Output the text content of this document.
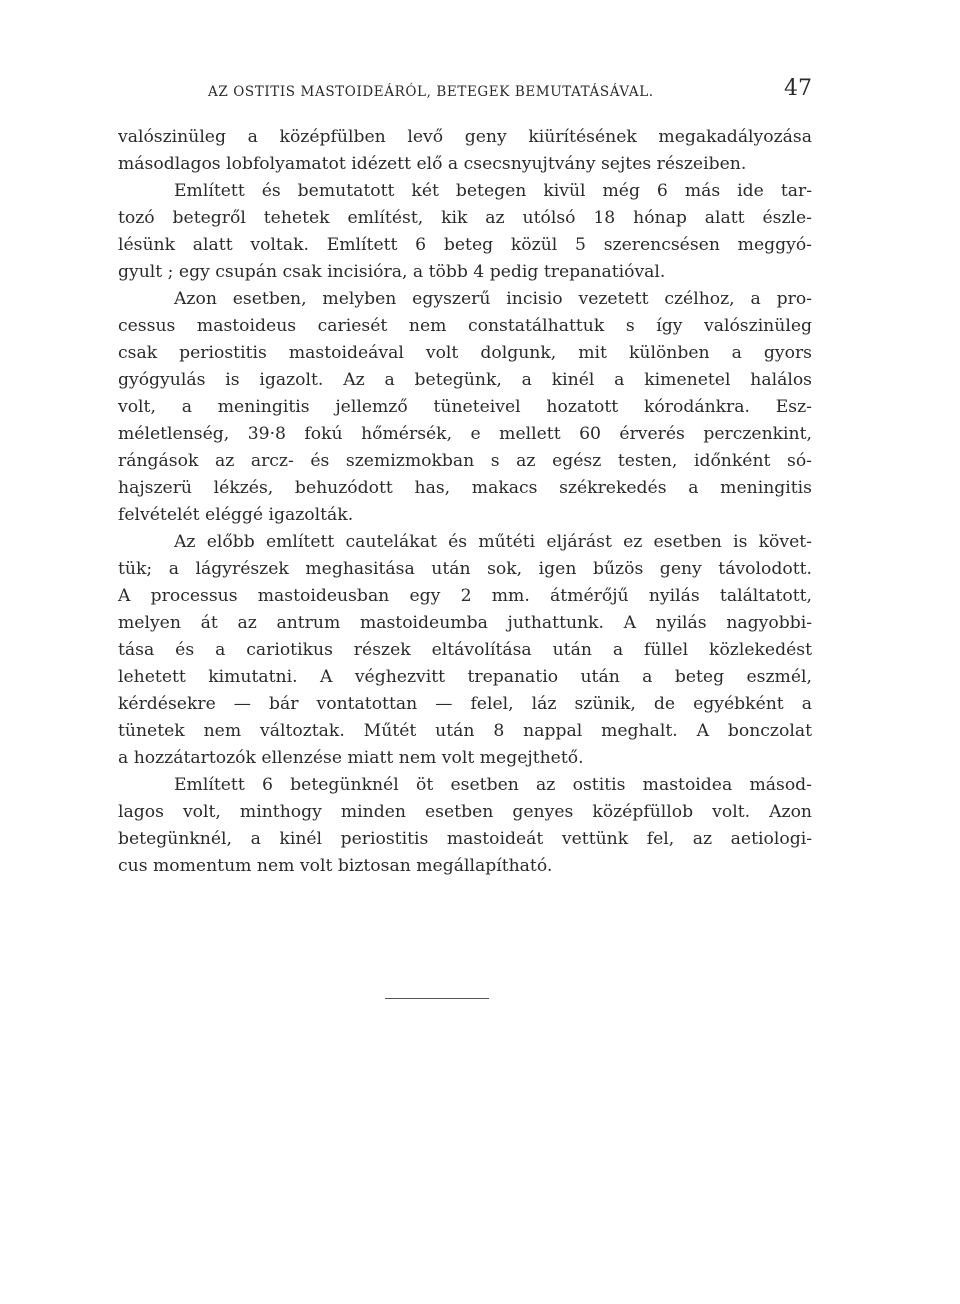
AZ OSTITIS MASTOIDEÁRÓL, BETEGEK BEMUTATÁSÁVAL.	47
valószinüleg a középfülben levő geny kiürítésének megakadályozása
másodlagos lobfolyamatot idézett elő a csecsnyujtvány sejtes részeiben.
Említett és bemutatott két betegen kivül még 6 más ide tar-
tozó betegről tehetek említést, kik az utólsó 18 hónap alatt észle-
lésünk alatt voltak. Említett 6 beteg közül 5 szerencsésen meggyó-
gyult ; egy csupán csak incisióra, a több 4 pedig trepanatióval.
Azon esetben, melyben egyszerű incisio vezetett czélhoz, a pro-
cessus mastoideus cariesét nem constatálhattuk s így valószinüleg
csak periostitis mastoideával volt dolgunk, mit különben a gyors
gyógyulás is igazolt. Az a betegünk, a kinél a kimenetel halálos
volt, a meningitis jellemző tüneteivel hozatott kórodánkra. Esz-
méletlenség, 39·8 fokú hőmérsék, e mellett 60 érverés perczenkint,
rángások az arcz- és szemizmokban s az egész testen, időnként só-
hajszerü lékzés, behuzódott has, makacs székrekedés a meningitis
felvételét eléggé igazolták.
Az előbb említett cautelákat és műtéti eljárást ez esetben is követ-
tük; a lágyrészek meghasitása után sok, igen bűzös geny távolodott.
A processus mastoideusban egy 2 mm. átmérőjű nyilás találtatott,
melyen át az antrum mastoideumba juthattunk. A nyilás nagyobbi-
tása és a cariotikus részek eltávolítása után a füllel közlekedést
lehetett kimutatni. A véghezvitt trepanatio után a beteg eszmél,
kérdésekre — bár vontatottan — felel, láz szünik, de egyébként a
tünetek nem változtak. Műtét után 8 nappal meghalt. A bonczolat
a hozzátartozók ellenzése miatt nem volt megejthető.
Említett 6 betegünknél öt esetben az ostitis mastoidea másod-
lagos volt, minthogy minden esetben genyes középfüllob volt. Azon
betegünknél, a kinél periostitis mastoideát vettünk fel, az aetiologi-
cus momentum nem volt biztosan megállapítható.
